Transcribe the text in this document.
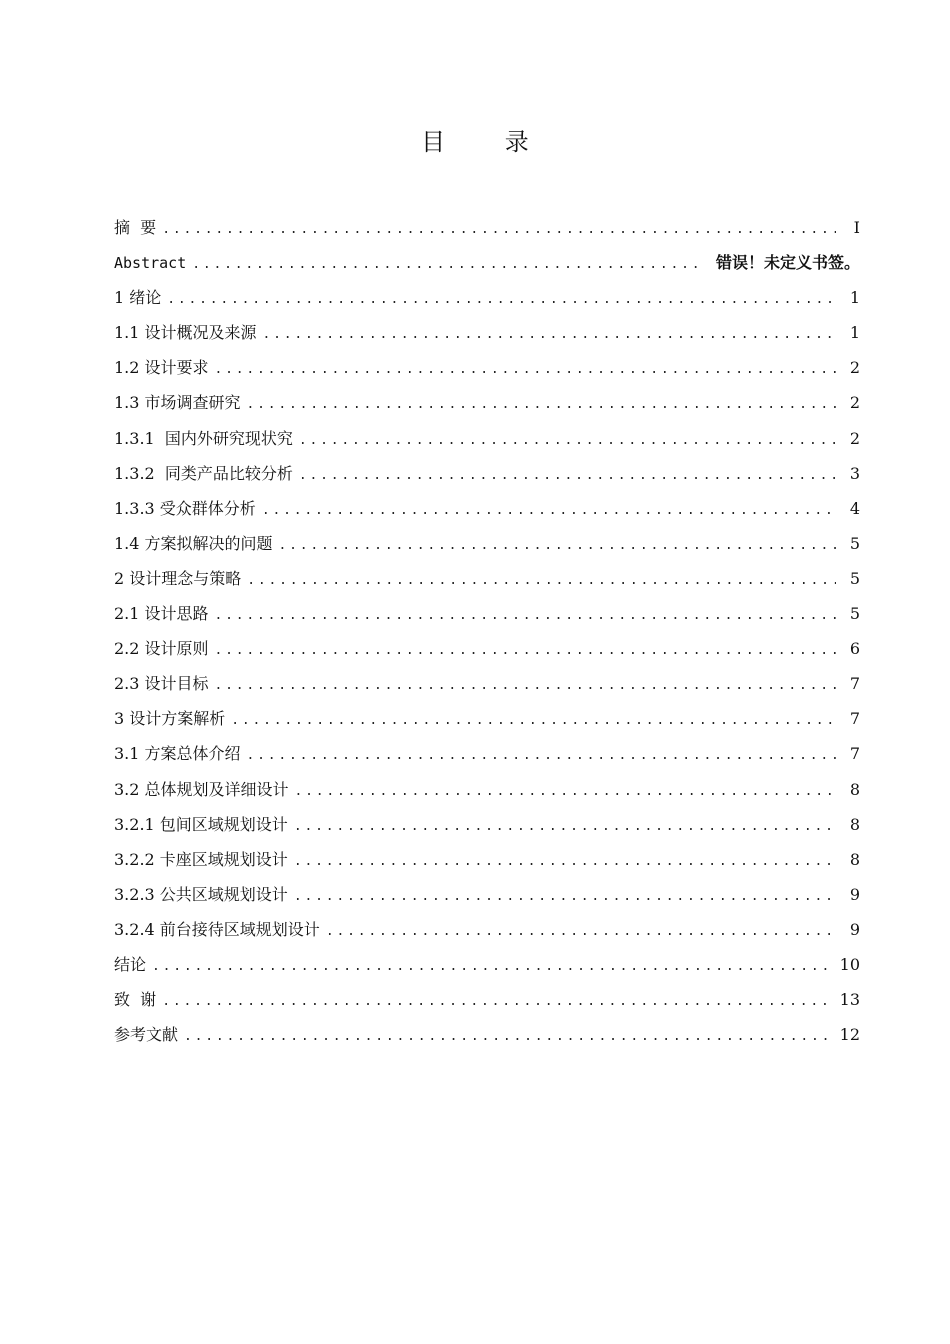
目 录
摘  要 .....	I
Abstract .....	错误！未定义书签。
1 绪论 .....	1
1.1 设计概况及来源 .....	1
1.2 设计要求 .....	2
1.3 市场调查研究 .....	2
1.3.1  国内外研究现状究 .....	2
1.3.2  同类产品比较分析 .....	3
1.3.3 受众群体分析 .....	4
1.4 方案拟解决的问题 .....	5
2 设计理念与策略 .....	5
2.1 设计思路 .....	5
2.2 设计原则 .....	6
2.3 设计目标 .....	7
3 设计方案解析 .....	7
3.1 方案总体介绍 .....	7
3.2 总体规划及详细设计 .....	8
3.2.1 包间区域规划设计 .....	8
3.2.2 卡座区域规划设计 .....	8
3.2.3 公共区域规划设计 .....	9
3.2.4 前台接待区域规划设计 .....	9
结论 .....	10
致  谢 .....	13
参考文献 .....	12
